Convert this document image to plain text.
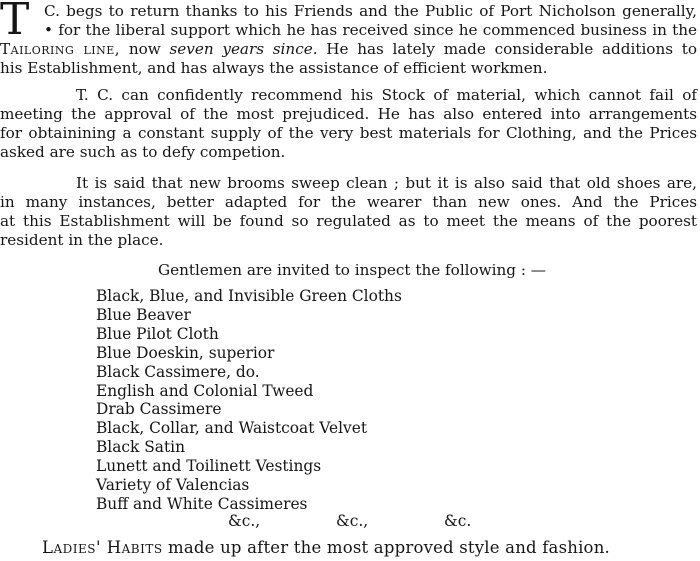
T C. begs to return thanks to his Friends and the Public of Port Nicholson generally,
• for the liberal support which he has received since he commenced business in the
Tailoring line, now seven years since. He has lately made considerable additions to
his Establishment, and has always the assistance of efficient workmen.
T. C. can confidently recommend his Stock of material, which cannot fail of
meeting the approval of the most prejudiced. He has also entered into arrangements
for obtainining a constant supply of the very best materials for Clothing, and the Prices
asked are such as to defy competion.
It is said that new brooms sweep clean ; but it is also said that old shoes are,
in many instances, better adapted for the wearer than new ones. And the Prices
at this Establishment will be found so regulated as to meet the means of the poorest
resident in the place.
Gentlemen are invited to inspect the following : —
Black, Blue, and Invisible Green Cloths
Blue Beaver
Blue Pilot Cloth
Blue Doeskin, superior
Black Cassimere, do.
English and Colonial Tweed
Drab Cassimere
Black, Collar, and Waistcoat Velvet
Black Satin
Lunett and Toilinett Vestings
Variety of Valencias
Buff and White Cassimeres
&c.,	&c.,	&c.
Ladies' Habits made up after the most approved style and fashion.
